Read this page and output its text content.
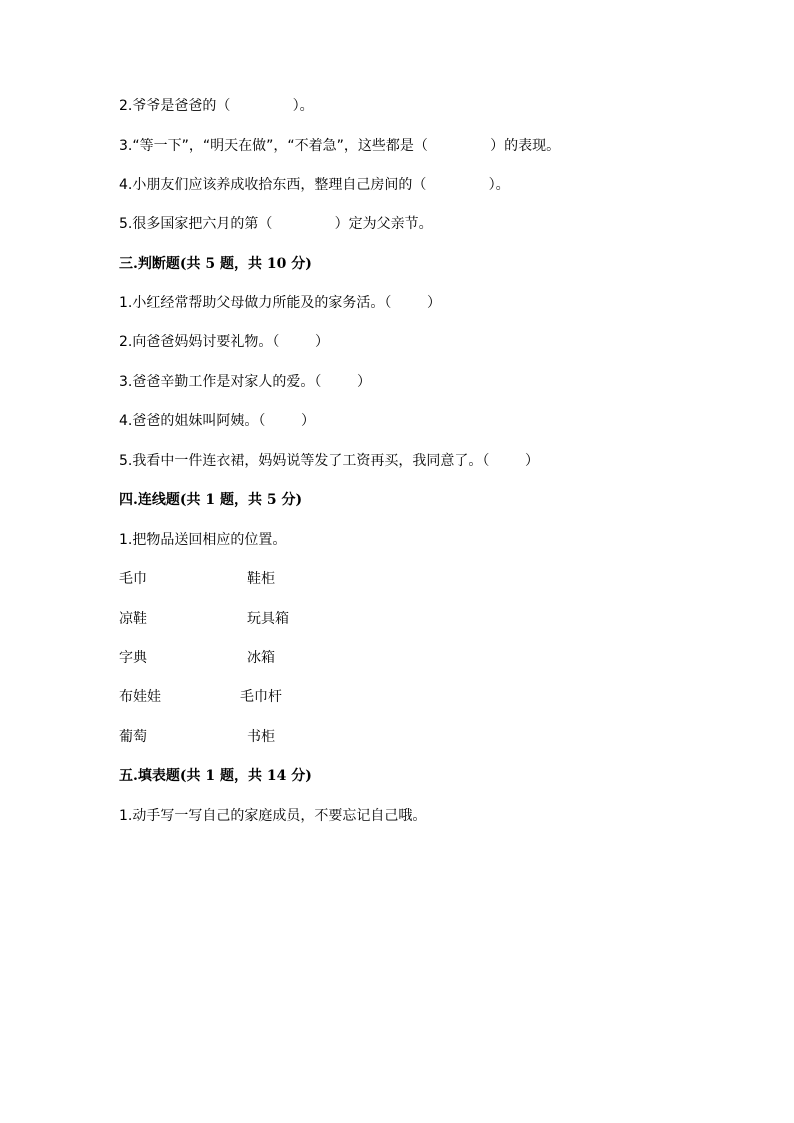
2.爷爷是爸爸的（              ）。
3.“等一下”，“明天在做”，“不着急”，这些都是（              ）的表现。
4.小朋友们应该养成收拾东西，整理自己房间的（              ）。
5.很多国家把六月的第（              ）定为父亲节。
三.判断题(共 5 题，共 10 分)
1.小红经常帮助父母做力所能及的家务活。（        ）
2.向爸爸妈妈讨要礼物。（        ）
3.爸爸辛勤工作是对家人的爱。（        ）
4.爸爸的姐妹叫阿姨。（        ）
5.我看中一件连衣裙，妈妈说等发了工资再买，我同意了。（        ）
四.连线题(共 1 题，共 5 分)
1.把物品送回相应的位置。
毛巾	鞋柜
凉鞋	玩具箱
字典	冰箱
布娃娃	毛巾杆
葡萄	书柜
五.填表题(共 1 题，共 14 分)
1.动手写一写自己的家庭成员，不要忘记自己哦。
